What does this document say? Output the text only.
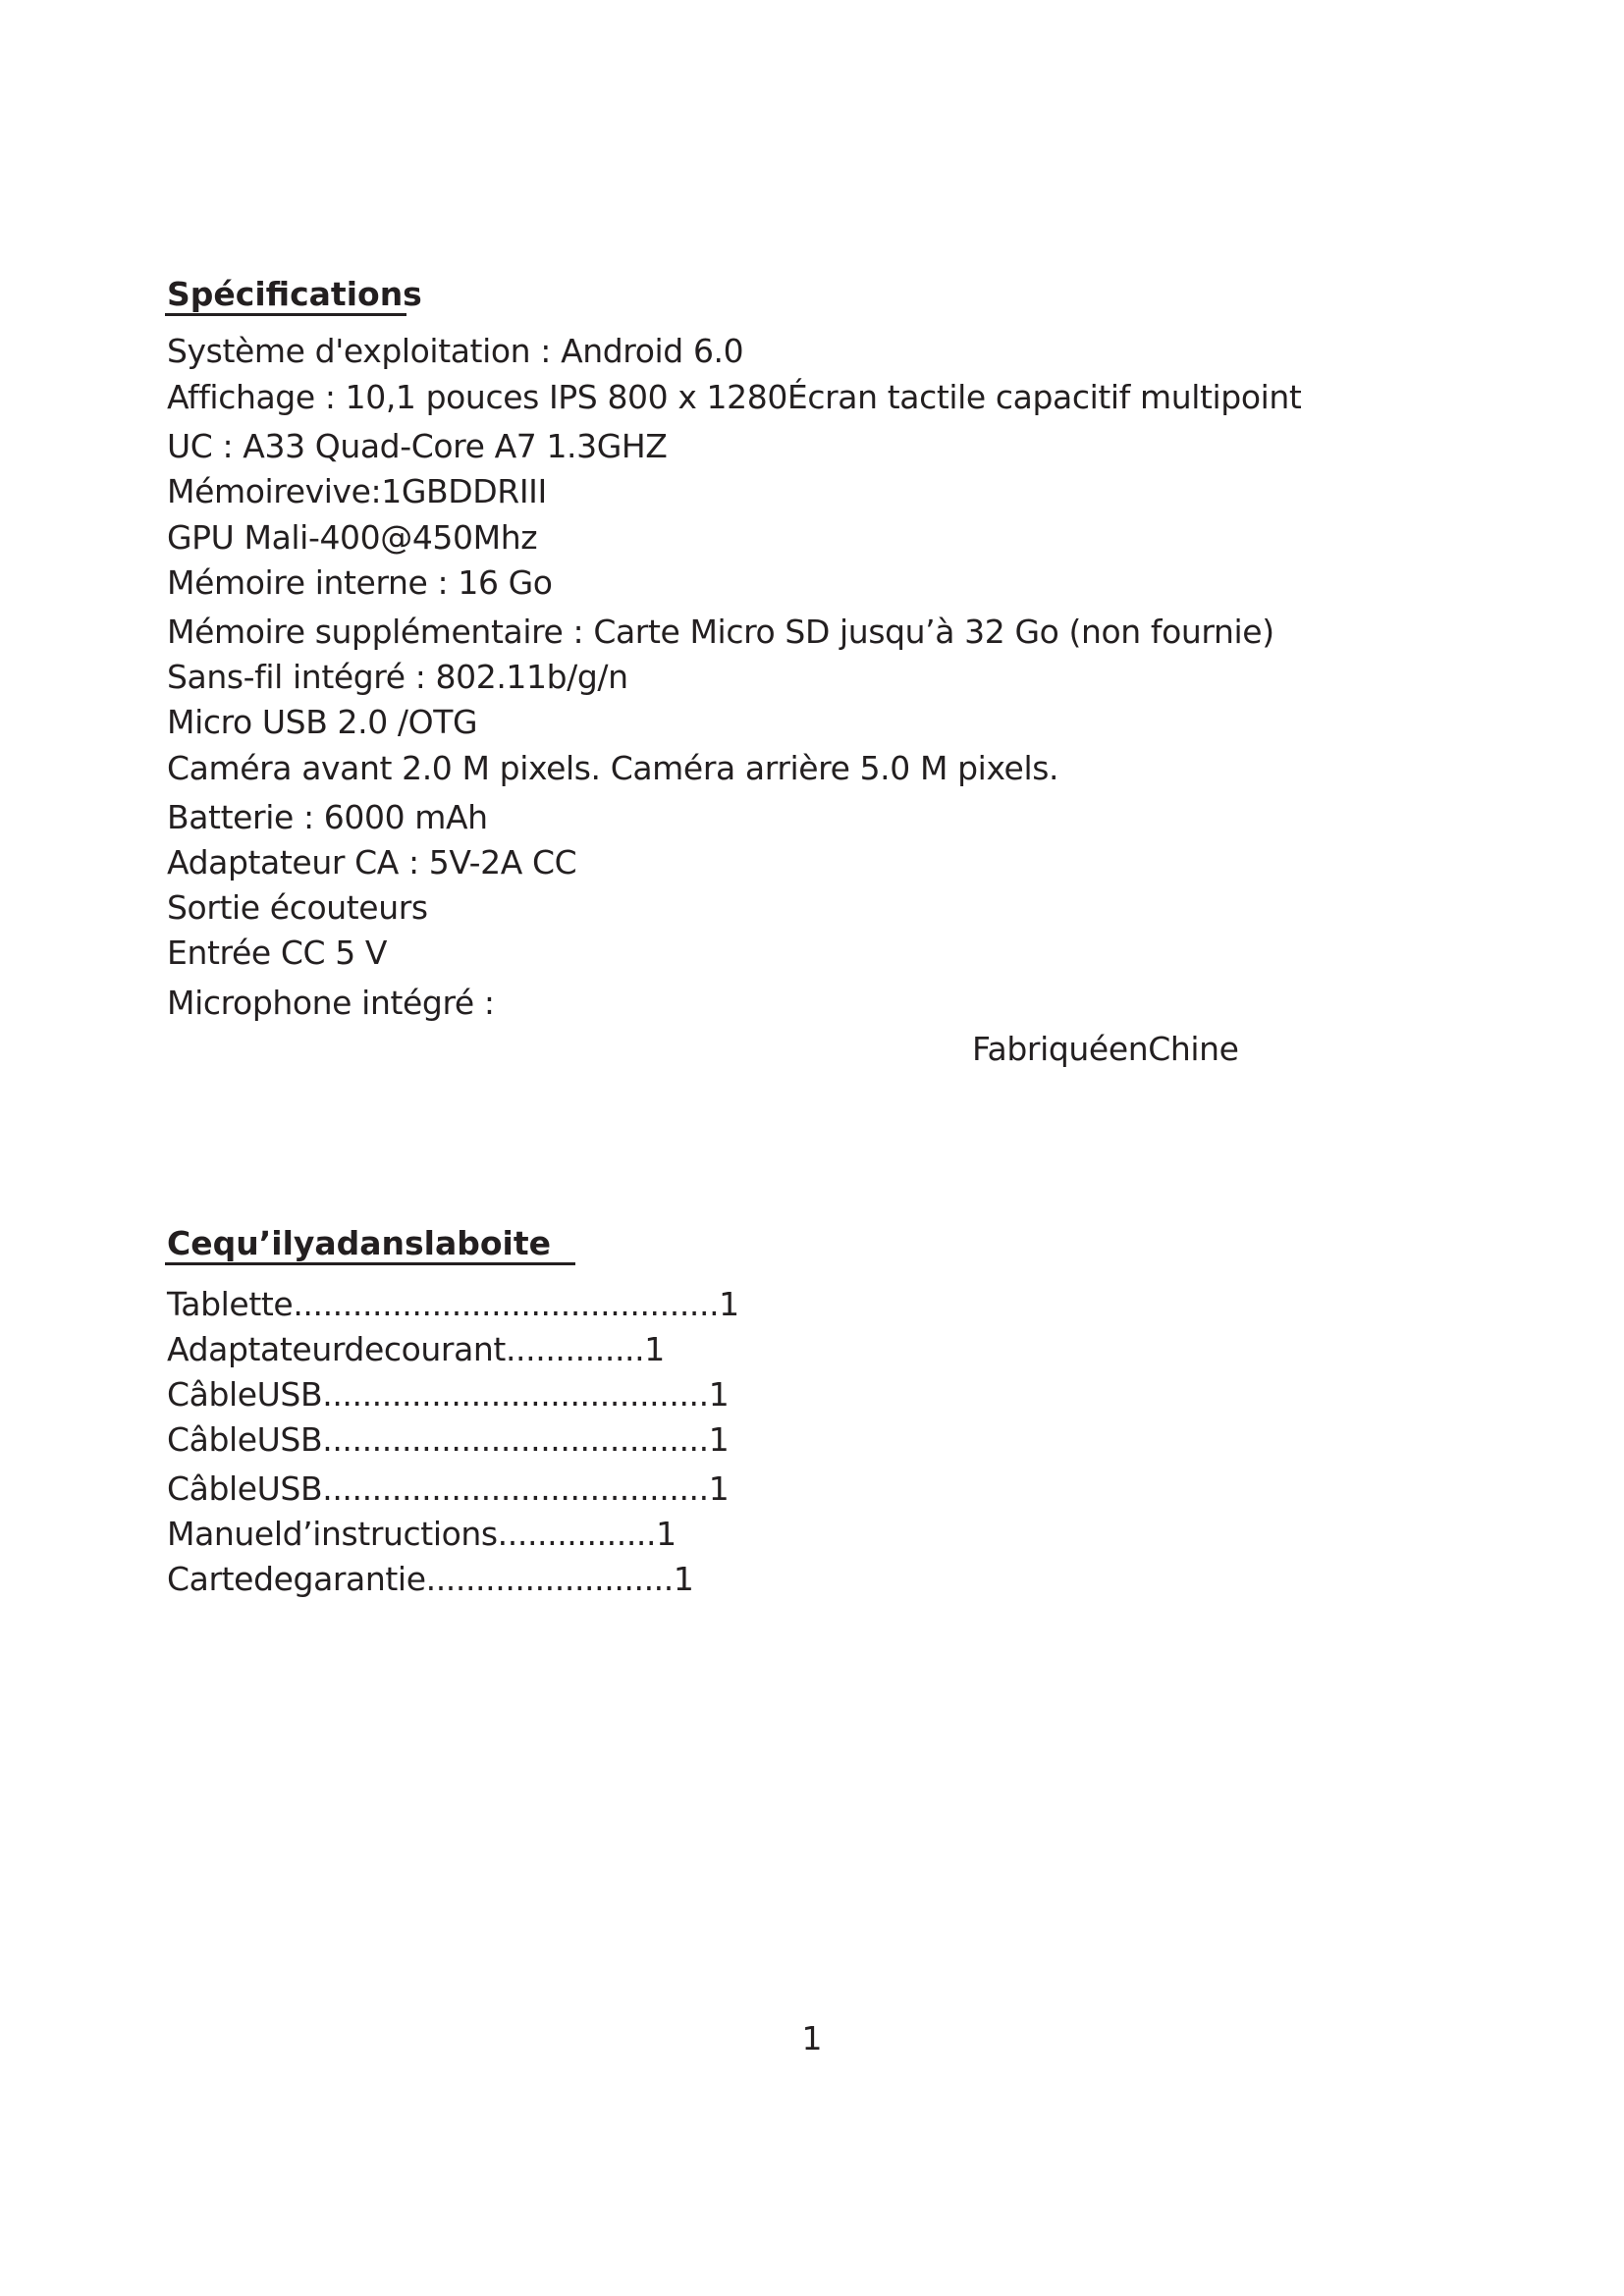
Spécifications

Système d'exploitation : Android 6.0

Affichage : 10,1 pouces IPS 800 x 1280Écran tactile capacitif multipoint

UC : A33 Quad-Core A7 1.3GHZ

Mémoirevive:1GBDDRIII

GPU Mali-400@450Mhz

Mémoire interne : 16 Go

Mémoire supplémentaire : Carte Micro SD jusqu’à 32 Go (non fournie)

Sans-fil intégré : 802.11b/g/n

Micro USB 2.0 /OTG

Caméra avant 2.0 M pixels. Caméra arrière 5.0 M pixels.

Batterie : 6000 mAh

Adaptateur CA : 5V-2A CC

Sortie écouteurs

Entrée CC 5 V

Microphone intégré :

FabriquéenChine

Cequ’ilyadanslaboite

Tablette...........................................1

Adaptateurdecourant..............1

CâbleUSB.......................................1

CâbleUSB.......................................1

CâbleUSB.......................................1

Manueld’instructions................1

Cartedegarantie.........................1

1
